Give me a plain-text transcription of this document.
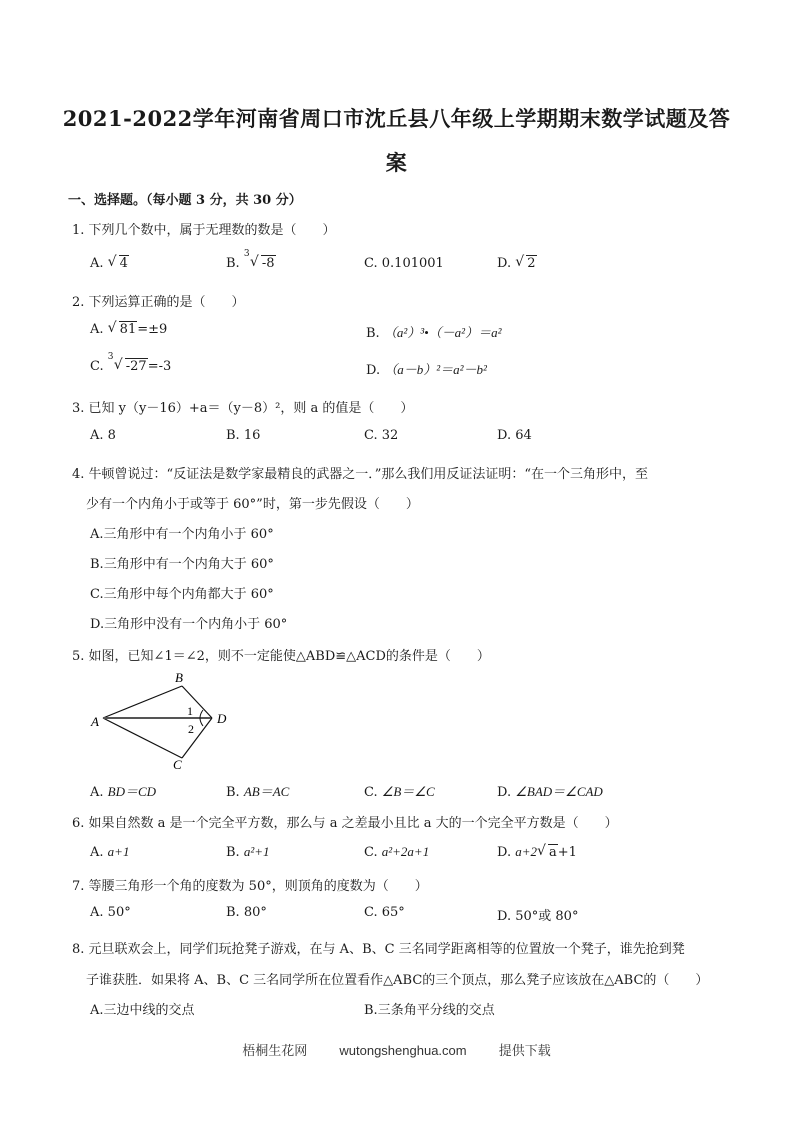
2021-2022学年河南省周口市沈丘县八年级上学期期末数学试题及答
案
一、选择题。（每小题 3 分，共 30 分）
1. 下列几个数中，属于无理数的数是（　　）
A. √ 4	B.
3 √ -8	C. 0.101001	D. √ 2
2. 下列运算正确的是（　　）
A. √ 81=±9	B. （a²）³•（－a²）＝a²
C.
3 √ -27=-3	D. （a－b）²＝a²－b²
3. 已知 y（y－16）+a＝（y－8）²，则 a 的值是（　　）
A. 8	B. 16	C. 32	D. 64
4. 牛顿曾说过：“反证法是数学家最精良的武器之一．”那么我们用反证法证明：“在一个三角形中，至
少有一个内角小于或等于 60°”时，第一步先假设（　　）
A.三角形中有一个内角小于 60°
B.三角形中有一个内角大于 60°
C.三角形中每个内角都大于 60°
D.三角形中没有一个内角小于 60°
5. 如图，已知∠1＝∠2，则不一定能使△ABD≌△ACD的条件是（　　）
A
B
C
D
1
2
A. BD＝CD	B. AB＝AC	C. ∠B＝∠C	D. ∠BAD＝∠CAD
6. 如果自然数 a 是一个完全平方数，那么与 a 之差最小且比 a 大的一个完全平方数是（　　）
A. a+1	B. a²+1	C. a²+2a+1	D. a+2 √ a+1
7. 等腰三角形一个角的度数为 50°，则顶角的度数为（　　）
A. 50°	B. 80°	C. 65°	D. 50°或 80°
8. 元旦联欢会上，同学们玩抢凳子游戏，在与 A、B、C 三名同学距离相等的位置放一个凳子，谁先抢到凳
子谁获胜．如果将 A、B、C 三名同学所在位置看作△ABC的三个顶点，那么凳子应该放在△ABC的（　　）
A.三边中线的交点	B.三条角平分线的交点
梧桐生花网 wutongshenghua.com 提供下载
